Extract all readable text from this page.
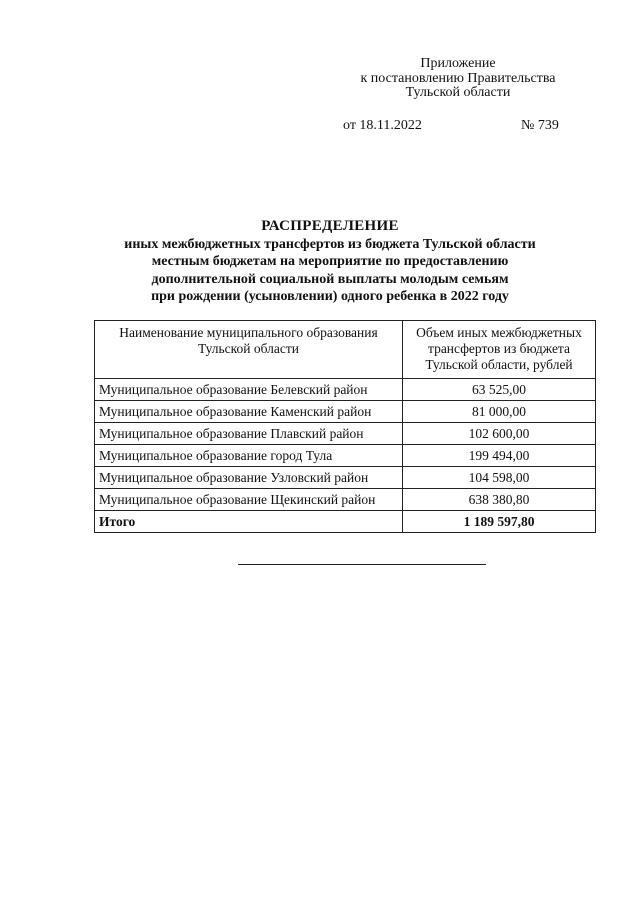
Приложение
к постановлению Правительства
Тульской области
от 18.11.2022	№ 739
РАСПРЕДЕЛЕНИЕ
иных межбюджетных трансфертов из бюджета Тульской области
местным бюджетам на мероприятие по предоставлению
дополнительной социальной выплаты молодым семьям
при рождении (усыновлении) одного ребенка в 2022 году
Наименование муниципального образования Тульской области	Объем иных межбюджетных трансфертов из бюджета Тульской области, рублей
Муниципальное образование Белевский район	63 525,00
Муниципальное образование Каменский район	81 000,00
Муниципальное образование Плавский район	102 600,00
Муниципальное образование город Тула	199 494,00
Муниципальное образование Узловский район	104 598,00
Муниципальное образование Щекинский район	638 380,80
Итого	1 189 597,80
